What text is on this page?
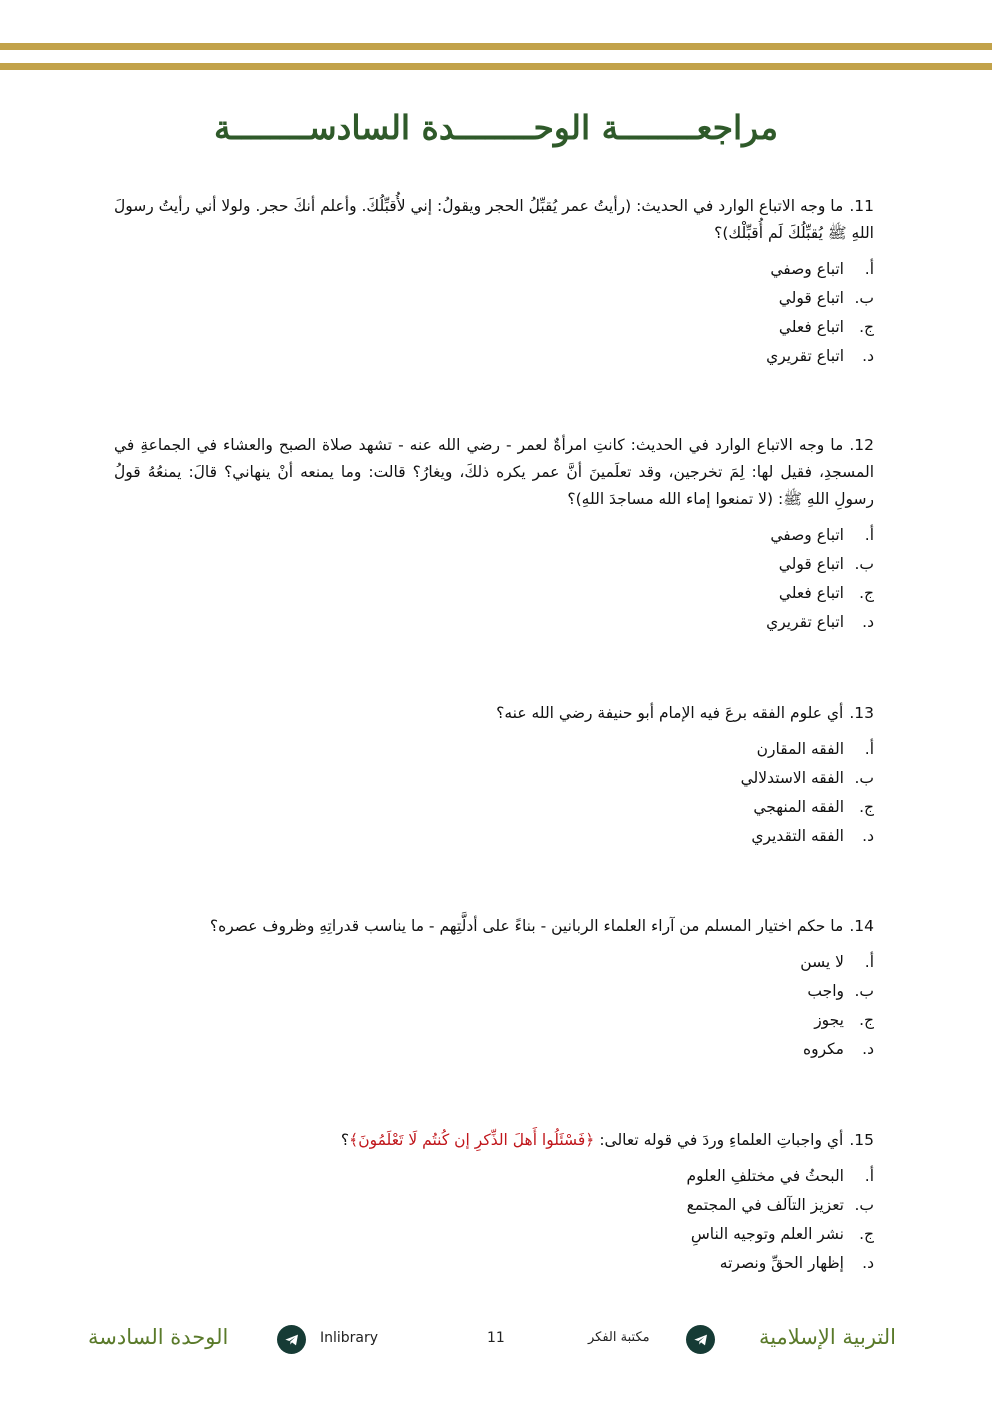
مراجعــــــــة الوحــــــــدة السادســــــــة

11.ما وجه الاتباع الوارد في الحديث: (رأيتُ عمر يُقبِّلُ الحجر ويقولُ: إني لأُقبِّلُكَ. وأعلم أنكَ حجر. ولولا أني رأيتُ رسولَ اللهِ ﷺ يُقبِّلُكَ لَم أُقبِّلْك)؟

أ.
اتباع وصفي
ب.
اتباع قولي
ج.
اتباع فعلي
د.
اتباع تقريري

12.ما وجه الاتباع الوارد في الحديث: كانتِ امرأةٌ لعمر - رضي الله عنه - تشهد صلاة الصبح والعشاء في الجماعةِ في المسجدِ، فقيل لها: لِمَ تخرجين، وقد تعلَمينَ أنَّ عمر يكره ذلكَ، ويغارُ؟ قالت: وما يمنعه أنْ ينهاني؟ قالَ: يمنعُهُ قولُ رسولِ اللهِ ﷺ: (لا تمنعوا إماء الله مساجدَ اللهِ)؟

أ.
اتباع وصفي
ب.
اتباع قولي
ج.
اتباع فعلي
د.
اتباع تقريري

13.أي علوم الفقه برعَ فيه الإمام أبو حنيفة رضي الله عنه؟

أ.
الفقه المقارن
ب.
الفقه الاستدلالي
ج.
الفقه المنهجي
د.
الفقه التقديري

14.ما حكم اختيار المسلم من آراء العلماء الربانين - بناءً على أدلَّتِهم - ما يناسب قدراتِهِ وظروف عصره؟

أ.
لا يسن
ب.
واجب
ج.
يجوز
د.
مكروه

15.أي واجباتِ العلماءِ وردَ في قوله تعالى: ﴿فَسْئَلُوا أَهلَ الذِّكرِ إن كُنتُم لَا تَعْلَمُونَ﴾؟

أ.
البحثُ في مختلفِ العلوم
ب.
تعزيز التآلف في المجتمع
ج.
نشر العلم وتوجيه الناسِ
د.
إظهار الحقِّ ونصرته
التربية الإسلامية
مكتبة الفكر
11
Inlibrary
الوحدة السادسة
